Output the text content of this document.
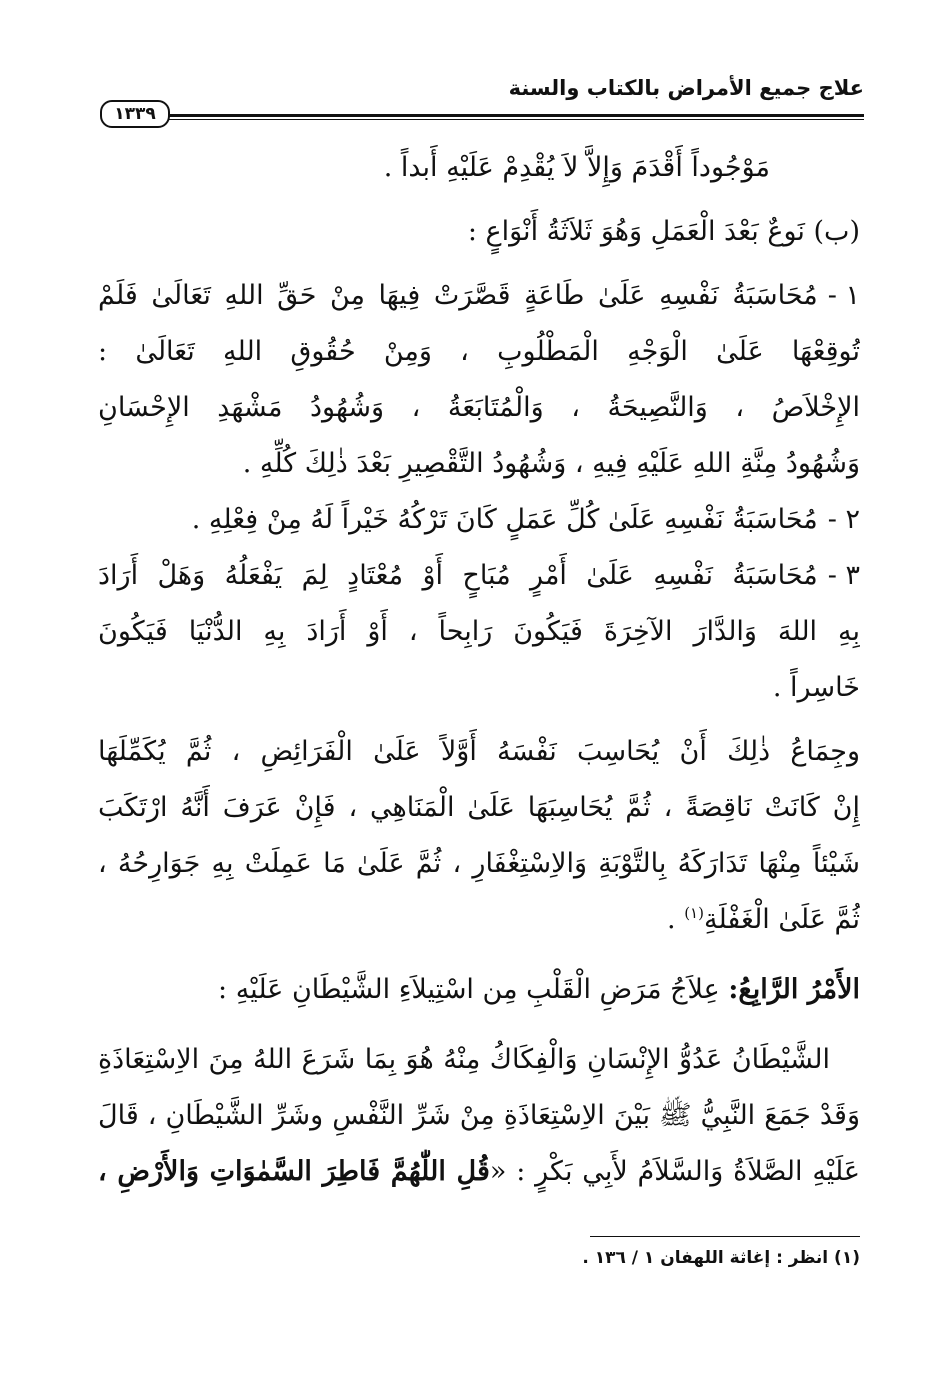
علاج جميع الأمراض بالكتاب والسنة
١٣٣٩
مَوْجُوداً أَقْدَمَ وَإِلاَّ لاَ يُقْدِمْ عَلَيْهِ أَبداً .
(ب) نَوعٌ بَعْدَ الْعَمَلِ وَهُوَ ثَلاَثَةُ أَنْوَاعٍ :
١ -
مُحَاسَبَةُ نَفْسِهِ عَلَىٰ طَاعَةٍ قَصَّرَتْ فِيهَا مِنْ حَقِّ اللهِ تَعَالَىٰ فَلَمْ
تُوقِعْهَا عَلَىٰ الْوَجْهِ الْمَطْلُوبِ ، وَمِنْ حُقُوقِ اللهِ تَعَالَىٰ :
الإِخْلاَصُ ، وَالنَّصِيحَةُ ، وَالْمُتَابَعَةُ ، وَشُهُودُ مَشْهَدِ الإِحْسَانِ
وَشُهُودُ مِنَّةِ اللهِ عَلَيْهِ فِيهِ ، وَشُهُودُ التَّقْصِيرِ بَعْدَ ذٰلِكَ كُلِّهِ .
٢ -
مُحَاسَبَةُ نَفْسِهِ عَلَىٰ كُلِّ عَمَلٍ كَانَ تَرْكُهُ خَيْراً لَهُ مِنْ فِعْلِهِ .
٣ -
مُحَاسَبَةُ نَفْسِهِ عَلَىٰ أَمْرٍ مُبَاحٍ أَوْ مُعْتَادٍ لِمَ يَفْعَلُهُ وَهَلْ أَرَادَ
بِهِ اللهَ وَالدَّارَ الآخِرَةَ فَيَكُونَ رَابِحاً ، أَوْ أَرَادَ بِهِ الدُّنْيَا فَيَكُونَ
خَاسِراً .
وجِمَاعُ ذٰلِكَ أَنْ يُحَاسِبَ نَفْسَهُ أَوَّلاً عَلَىٰ الْفَرَائِضِ ، ثُمَّ يُكَمِّلَهَا
إِنْ كَانَتْ نَاقِصَةً ، ثُمَّ يُحَاسِبَهَا عَلَىٰ الْمَنَاهِي ، فَإِنْ عَرَفَ أَنَّهُ ارْتَكَبَ
شَيْئاً مِنْهَا تَدَارَكَهُ بِالتَّوْبَةِ وَالاِسْتِغْفَارِ ، ثُمَّ عَلَىٰ مَا عَمِلَتْ بِهِ جَوَارِحُهُ ،
ثُمَّ عَلَىٰ الْغَفْلَةِ$^{(١)}$ .
الأَمْرُ الرَّابِعُ: عِلاَجُ مَرَضِ الْقَلْبِ مِن اسْتِيلاَءِ الشَّيْطَانِ عَلَيْهِ :
الشَّيْطَانُ عَدُوُّ الإِنْسَانِ وَالْفِكَاكُ مِنْهُ هُوَ بِمَا شَرَعَ اللهُ مِنَ الاِسْتِعَاذَةِ
وَقَدْ جَمَعَ النَّبِيُّ ﷺ بَيْنَ الاِسْتِعَاذَةِ مِنْ شَرِّ النَّفْسِ وشَرِّ الشَّيْطَانِ ، قَالَ
عَلَيْهِ الصَّلاَةُ وَالسَّلاَمُ لأَبِي بَكْرٍ : «قُلِ اللّٰهُمَّ فَاطِرَ السَّمٰوَاتِ وَالأَرْضِ ،
(١) انظر : إغاثة اللهفان ١ / ١٣٦ .
